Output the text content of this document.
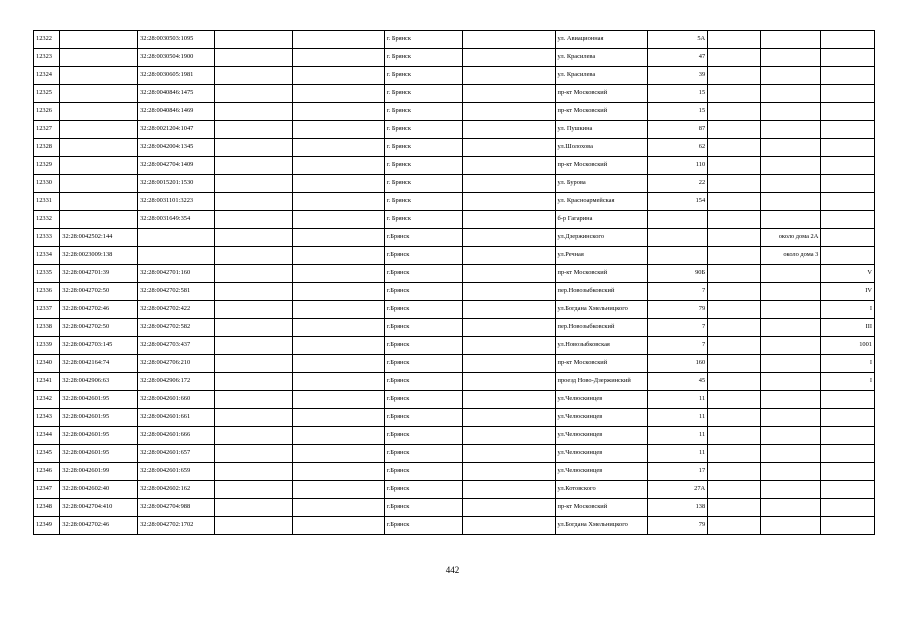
12322		32:28:0030503:1095			г. Брянск		ул. Авиационная	5А			
12323		32:28:0030504:1900			г. Брянск		ул. Красилева	47			
12324		32:28:0030605:1981			г. Брянск		ул. Красилева	39			
12325		32:28:0040846:1475			г. Брянск		пр-кт Московский	15			
12326		32:28:0040846:1469			г. Брянск		пр-кт Московский	15			
12327		32:28:0021204:1047			г. Брянск		ул. Пушкина	87			
12328		32:28:0042004:1345			г. Брянск		ул.Шолохова	62			
12329		32:28:0042704:1409			г. Брянск		пр-кт Московский	110			
12330		32:28:0015201:1530			г. Брянск		ул. Бурова	22			
12331		32:28:0031101:3223			г. Брянск		ул. Красноармейская	154			
12332		32:28:0031649:354			г. Брянск		б-р Гагарина				
12333	32:28:0042502:144				г.Брянск		ул.Дзержинского			около дома 2А	
12334	32:28:0023009:138				г.Брянск		ул.Речная			около дома 3	
12335	32:28:0042701:39	32:28:0042701:160			г.Брянск		пр-кт Московский	90Б			V
12336	32:28:0042702:50	32:28:0042702:581			г.Брянск		пер.Новозыбковский	7			IV
12337	32:28:0042702:46	32:28:0042702:422			г.Брянск		ул.Богдана Хмельницкого	79			I
12338	32:28:0042702:50	32:28:0042702:582			г.Брянск		пер.Новозыбковский	7			III
12339	32:28:0042703:145	32:28:0042703:437			г.Брянск		ул.Новозыбковская	7			1001
12340	32:28:0042164:74	32:28:0042706:210			г.Брянск		пр-кт Московский	160			I
12341	32:28:0042906:63	32:28:0042906:172			г.Брянск		проезд Ново-Дзержинский	45			I
12342	32:28:0042601:95	32:28:0042601:660			г.Брянск		ул.Челюскинцев	11			
12343	32:28:0042601:95	32:28:0042601:661			г.Брянск		ул.Челюскинцев	11			
12344	32:28:0042601:95	32:28:0042601:666			г.Брянск		ул.Челюскинцев	11			
12345	32:28:0042601:95	32:28:0042601:657			г.Брянск		ул.Челюскинцев	11			
12346	32:28:0042601:99	32:28:0042601:659			г.Брянск		ул.Челюскинцев	17			
12347	32:28:0042602:40	32:28:0042602:162			г.Брянск		ул.Котовского	27А			
12348	32:28:0042704:410	32:28:0042704:988			г.Брянск		пр-кт Московский	138			
12349	32:28:0042702:46	32:28:0042702:1702			г.Брянск		ул.Богдана Хмельницкого	79			
442
